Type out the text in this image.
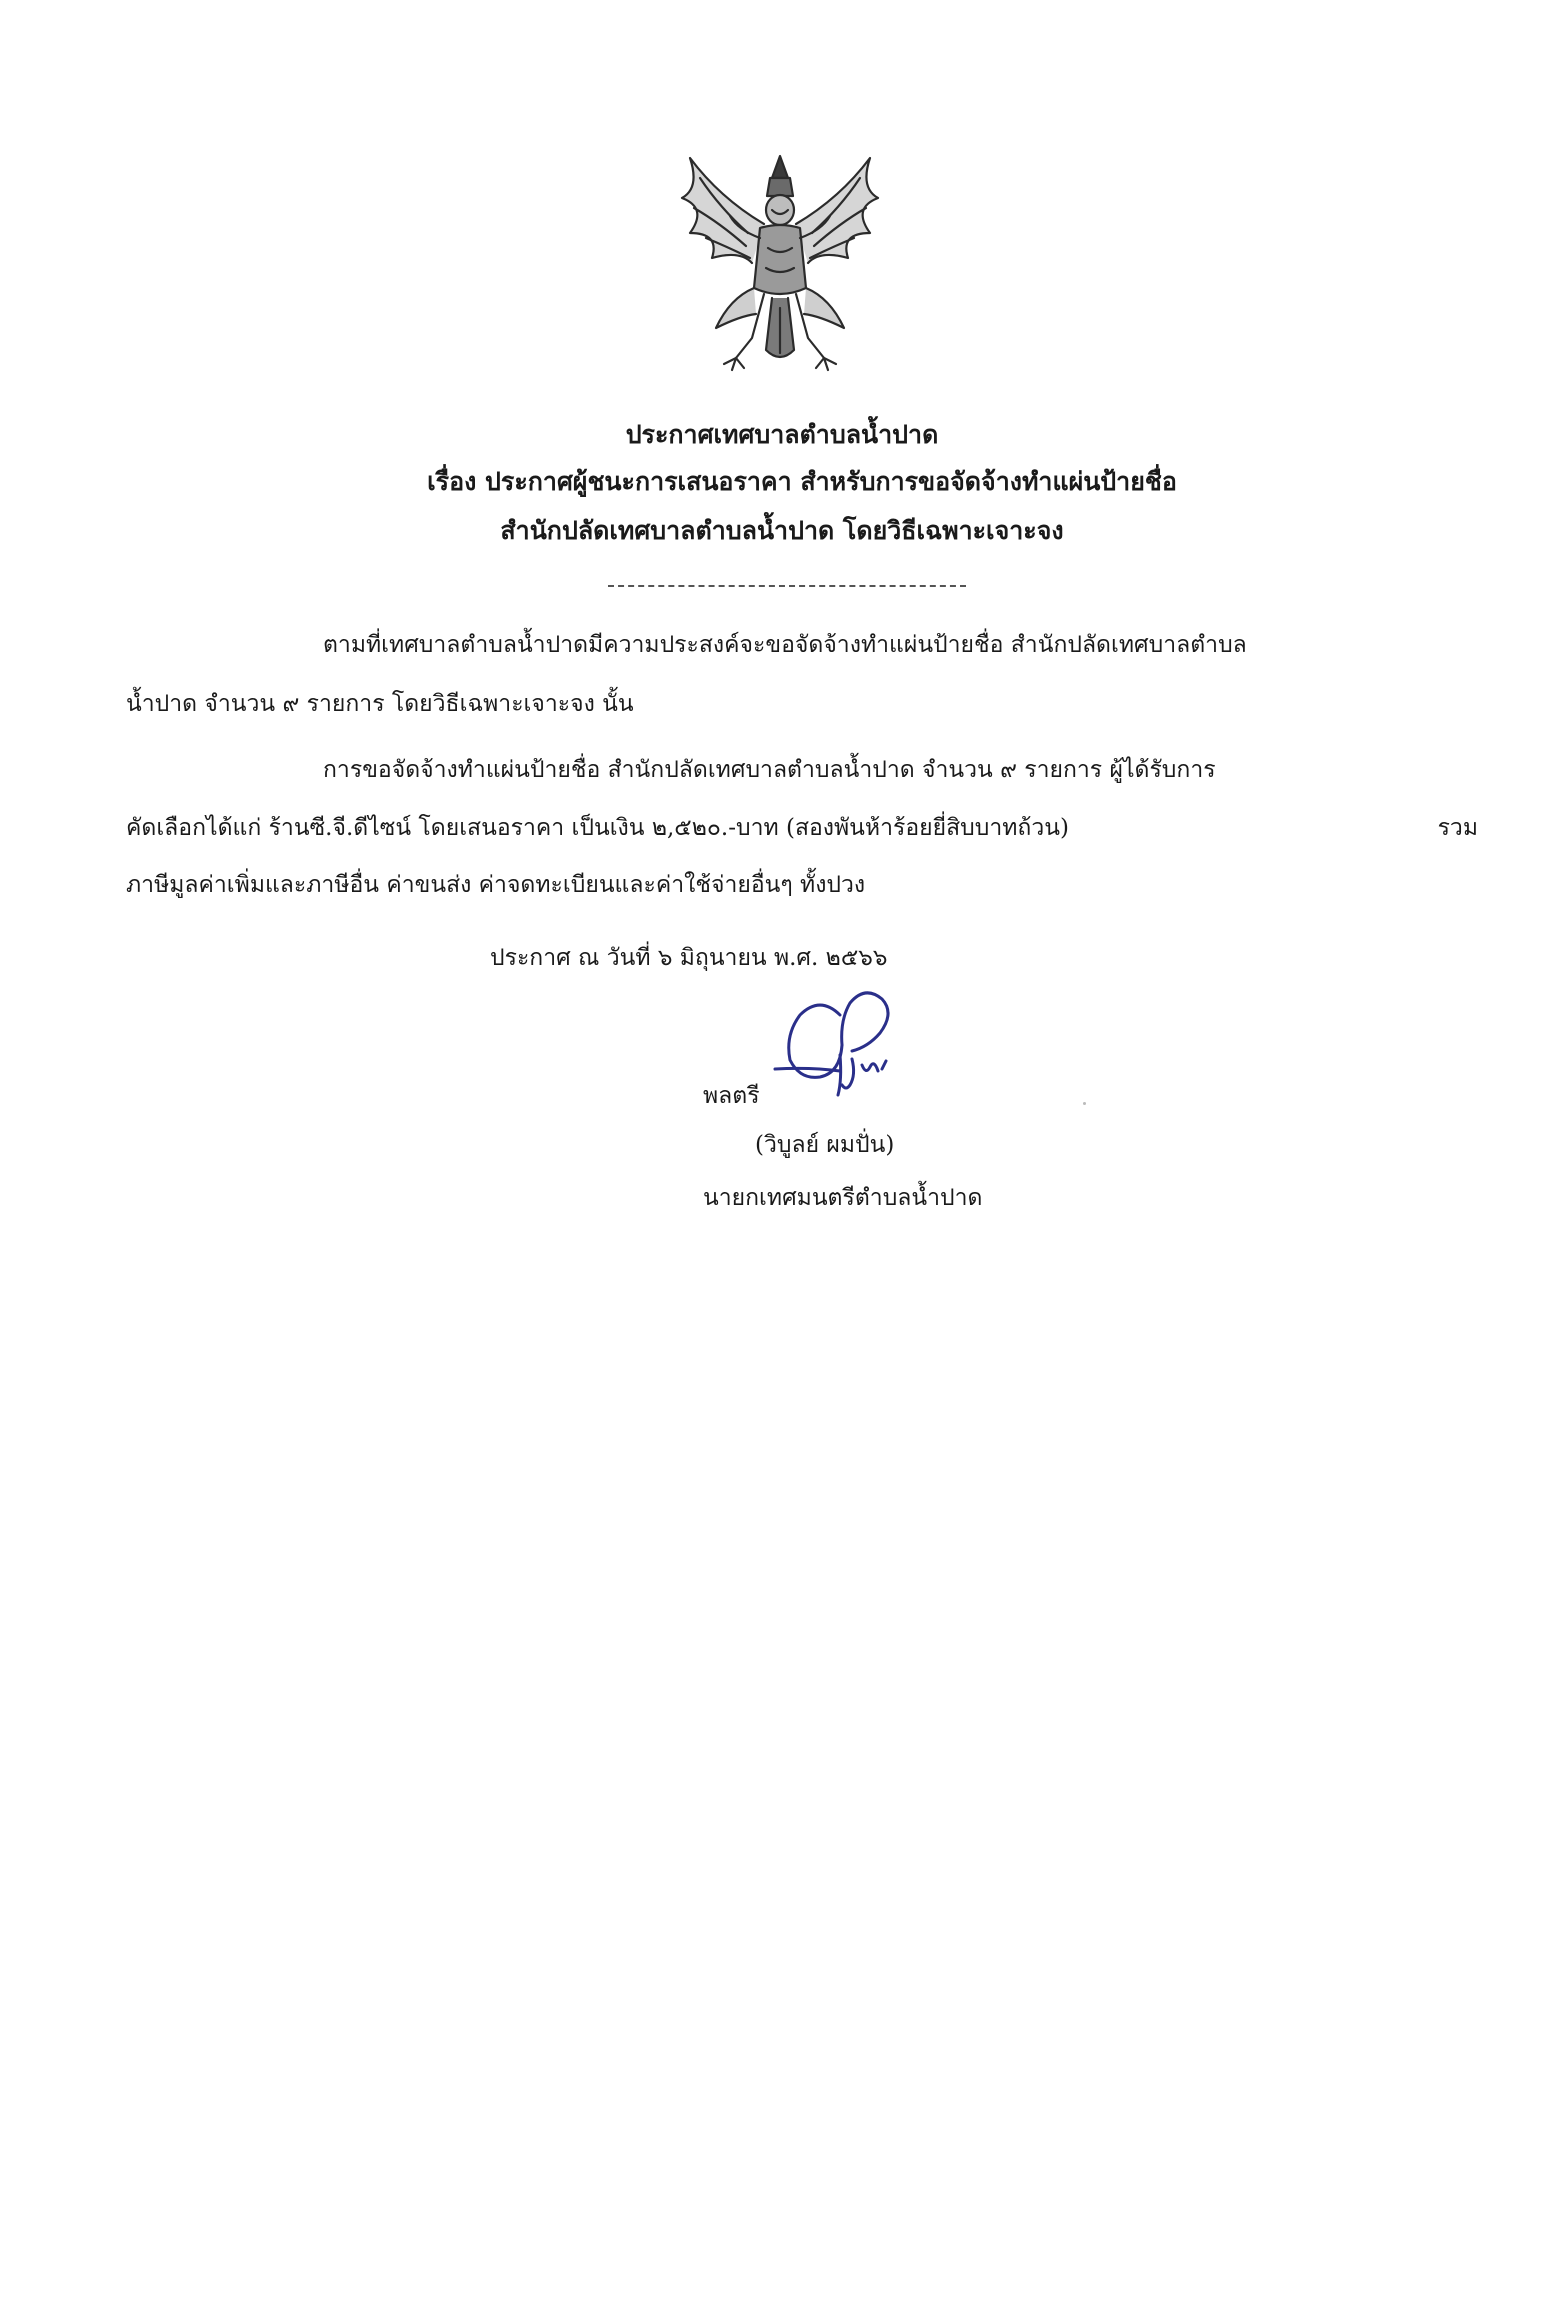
ประกาศเทศบาลตำบลน้ำปาด
เรื่อง ประกาศผู้ชนะการเสนอราคา สำหรับการขอจัดจ้างทำแผ่นป้ายชื่อ
สำนักปลัดเทศบาลตำบลน้ำปาด โดยวิธีเฉพาะเจาะจง
ตามที่เทศบาลตำบลน้ำปาดมีความประสงค์จะขอจัดจ้างทำแผ่นป้ายชื่อ สำนักปลัดเทศบาลตำบล
น้ำปาด จำนวน ๙ รายการ โดยวิธีเฉพาะเจาะจง นั้น
การขอจัดจ้างทำแผ่นป้ายชื่อ สำนักปลัดเทศบาลตำบลน้ำปาด จำนวน ๙ รายการ ผู้ได้รับการ
คัดเลือกได้แก่ ร้านซี.จี.ดีไซน์ โดยเสนอราคา เป็นเงิน ๒,๕๒๐.-บาท (สองพันห้าร้อยยี่สิบบาทถ้วน)	รวม
ภาษีมูลค่าเพิ่มและภาษีอื่น ค่าขนส่ง ค่าจดทะเบียนและค่าใช้จ่ายอื่นๆ ทั้งปวง
ประกาศ ณ วันที่ ๖ มิถุนายน พ.ศ. ๒๕๖๖
พลตรี
(วิบูลย์ ผมปั่น)
นายกเทศมนตรีตำบลน้ำปาด
